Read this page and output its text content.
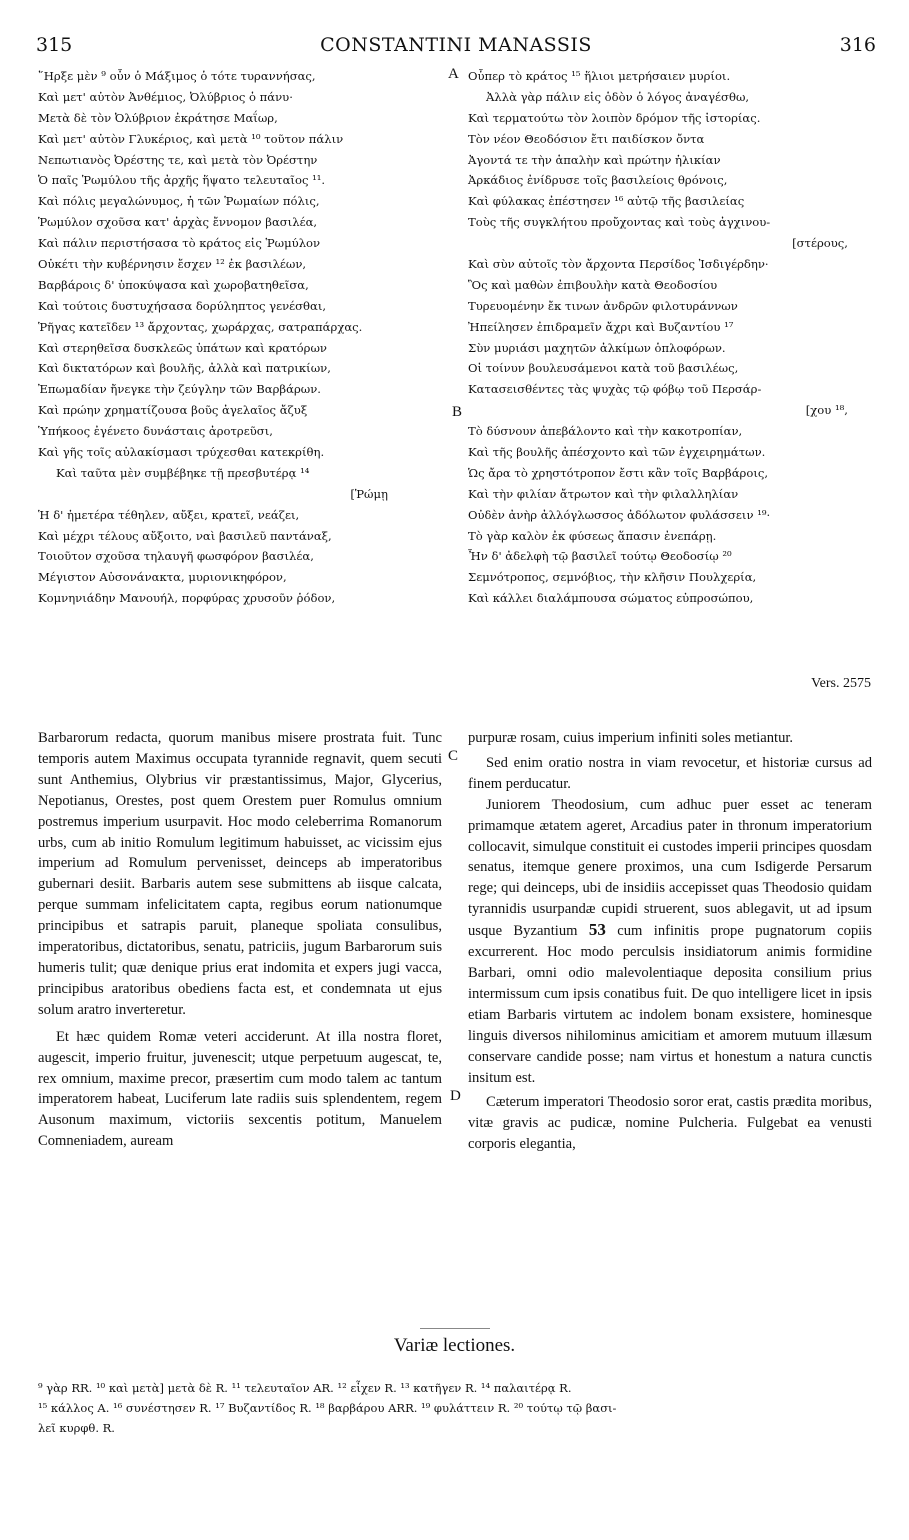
315	CONSTANTINI MANASSIS	316
῞Ηρξε μὲν ⁹ οὖν ὁ Μάξιμος ὁ τότε τυραννήσας,
Καὶ μετ' αὐτὸν Ἀνθέμιος, Ὀλύβριος ὁ πάνυ·
Μετὰ δὲ τὸν Ὀλύβριον ἐκράτησε Μαΐωρ,
Καὶ μετ' αὐτὸν Γλυκέριος, καὶ μετὰ ¹⁰ τοῦτον πάλιν
Νεπωτιανὸς Ὀρέστης τε, καὶ μετὰ τὸν Ὀρέστην
Ὁ παῖς Ῥωμύλου τῆς ἀρχῆς ἥψατο τελευταῖος ¹¹.
Καὶ πόλις μεγαλώνυμος, ἡ τῶν Ῥωμαίων πόλις,
Ῥωμύλον σχοῦσα κατ' ἀρχὰς ἔννομον βασιλέα,
Καὶ πάλιν περιστήσασα τὸ κράτος εἰς Ῥωμύλον
Οὐκέτι τὴν κυβέρνησιν ἔσχεν ¹² ἐκ βασιλέων,
Βαρβάροις δ' ὑποκύψασα καὶ χωροβατηθεῖσα,
Καὶ τούτοις δυστυχήσασα δορύληπτος γενέσθαι,
Ῥῆγας κατεῖδεν ¹³ ἄρχοντας, χωράρχας, σατραπάρχας.
Καὶ στερηθεῖσα δυσκλεῶς ὑπάτων καὶ κρατόρων
Καὶ δικτατόρων καὶ βουλῆς, ἀλλὰ καὶ πατρικίων,
Ἐπωμαδίαν ἤνεγκε τὴν ζεύγλην τῶν Βαρβάρων.
Καὶ πρώην χρηματίζουσα βοῦς ἀγελαῖος ἄζυξ
Ὑπήκοος ἐγένετο δυνάσταις ἀροτρεῦσι,
Καὶ γῆς τοῖς αὐλακίσμασι τρύχεσθαι κατεκρίθη.
Καὶ ταῦτα μὲν συμβέβηκε τῇ πρεσβυτέρᾳ ¹⁴
[Ῥώμῃ
Ἡ δ' ἡμετέρα τέθηλεν, αὔξει, κρατεῖ, νεάζει,
Καὶ μέχρι τέλους αὔξοιτο, ναὶ βασιλεῦ παντάναξ,
Τοιοῦτον σχοῦσα τηλαυγῆ φωσφόρον βασιλέα,
Μέγιστον Αὐσονάνακτα, μυριονικηφόρον,
Κομνηνιάδην Μανουήλ, πορφύρας χρυσοῦν ῥόδον,
Οὗπερ τὸ κράτος ¹⁵ ἥλιοι μετρήσαιεν μυρίοι.
Ἀλλὰ γὰρ πάλιν εἰς ὁδὸν ὁ λόγος ἀναγέσθω,
Καὶ τερματούτω τὸν λοιπὸν δρόμον τῆς ἱστορίας.
Τὸν νέον Θεοδόσιον ἔτι παιδίσκον ὄντα
Ἀγοντά τε τὴν ἁπαλὴν καὶ πρώτην ἡλικίαν
Ἀρκάδιος ἐνίδρυσε τοῖς βασιλείοις θρόνοις,
Καὶ φύλακας ἐπέστησεν ¹⁶ αὐτῷ τῆς βασιλείας
Τοὺς τῆς συγκλήτου προὔχοντας καὶ τοὺς ἀγχινου-
[στέρους,
Καὶ σὺν αὐτοῖς τὸν ἄρχοντα Περσίδος Ἰσδιγέρδην·
Ὃς καὶ μαθὼν ἐπιβουλὴν κατὰ Θεοδοσίου
Τυρευομένην ἔκ τινων ἀνδρῶν φιλοτυράννων
Ἠπείλησεν ἐπιδραμεῖν ἄχρι καὶ Βυζαντίου ¹⁷
Σὺν μυριάσι μαχητῶν ἀλκίμων ὁπλοφόρων.
Οἱ τοίνυν βουλευσάμενοι κατὰ τοῦ βασιλέως,
Κατασεισθέντες τὰς ψυχὰς τῷ φόβῳ τοῦ Περσάρ-
[χου ¹⁸,
Τὸ δύσνουν ἀπεβάλοντο καὶ τὴν κακοτροπίαν,
Καὶ τῆς βουλῆς ἀπέσχοντο καὶ τῶν ἐγχειρημάτων.
Ὡς ἄρα τὸ χρηστότροπον ἔστι κἂν τοῖς Βαρβάροις,
Καὶ τὴν φιλίαν ἄτρωτον καὶ τὴν φιλαλληλίαν
Οὐδὲν ἀνὴρ ἀλλόγλωσσος ἀδόλωτον φυλάσσειν ¹⁹·
Τὸ γὰρ καλὸν ἐκ φύσεως ἅπασιν ἐνεπάρῃ.
Ἦν δ' ἀδελφὴ τῷ βασιλεῖ τούτῳ Θεοδοσίῳ ²⁰
Σεμνότροπος, σεμνόβιος, τὴν κλῆσιν Πουλχερία,
Καὶ κάλλει διαλάμπουσα σώματος εὐπροσώπου,
A
B
C
D
Vers. 2575

Barbarorum redacta, quorum manibus misere prostrata fuit. Tunc temporis autem Maximus occupata tyrannide regnavit, quem secuti sunt Anthemius, Olybrius vir præstantissimus, Major, Glycerius, Nepotianus, Orestes, post quem Orestem puer Romulus omnium postremus imperium usurpavit. Hoc modo celeberrima Romanorum urbs, cum ab initio Romulum legitimum habuisset, ac vicissim ejus imperium ad Romulum pervenisset, deinceps ab imperatoribus gubernari desiit. Barbaris autem sese submittens ab iisque calcata, perque summam infelicitatem capta, regibus eorum nationumque principibus et satrapis paruit, planeque spoliata consulibus, imperatoribus, dictatoribus, senatu, patriciis, jugum Barbarorum suis humeris tulit; quæ denique prius erat indomita et expers jugi vacca, principibus aratoribus obediens facta est, et condemnata ut ejus solum aratro inverteretur.

Et hæc quidem Romæ veteri acciderunt. At illa nostra floret, augescit, imperio fruitur, juvenescit; utque perpetuum augescat, te, rex omnium, maxime precor, præsertim cum modo talem ac tantum imperatorem habeat, Luciferum late radiis suis splendentem, regem Ausonum maximum, victoriis sexcentis potitum, Manuelem Comneniadem, auream

purpuræ rosam, cuius imperium infiniti soles metiantur.

Sed enim oratio nostra in viam revocetur, et historiæ cursus ad finem perducatur.

Juniorem Theodosium, cum adhuc puer esset ac teneram primamque ætatem ageret, Arcadius pater in thronum imperatorium collocavit, simulque constituit ei custodes imperii principes quosdam senatus, itemque genere proximos, una cum Isdigerde Persarum rege; qui deinceps, ubi de insidiis accepisset quas Theodosio quidam tyrannidis usurpandæ cupidi struerent, suos ablegavit, ut ad ipsum usque Byzantium 53 cum infinitis prope pugnatorum copiis excurrerent. Hoc modo perculsis insidiatorum animis formidine Barbari, omni odio malevolentiaque deposita consilium prius intermissum cum ipsis conatibus fuit. De quo intelligere licet in ipsis etiam Barbaris virtutem ac indolem bonam exsistere, hominesque linguis diversos nihilominus amicitiam et amorem mutuum illæsum conservare candide posse; nam virtus et honestum a natura cunctis insitum est.

Cæterum imperatori Theodosio soror erat, castis prædita moribus, vitæ gravis ac pudicæ, nomine Pulcheria. Fulgebat ea venusti corporis elegantia,

Variæ lectiones.
⁹ γὰρ RR. ¹⁰ καὶ μετὰ] μετὰ δὲ R. ¹¹ τελευταῖον AR. ¹² εἶχεν R. ¹³ κατῆγεν R. ¹⁴ παλαιτέρᾳ R.
¹⁵ κάλλος A. ¹⁶ συνέστησεν R. ¹⁷ Βυζαντίδος R. ¹⁸ βαρβάρου ARR. ¹⁹ φυλάττειν R. ²⁰ τούτῳ τῷ βασι-
λεῖ κυρφθ. R.
